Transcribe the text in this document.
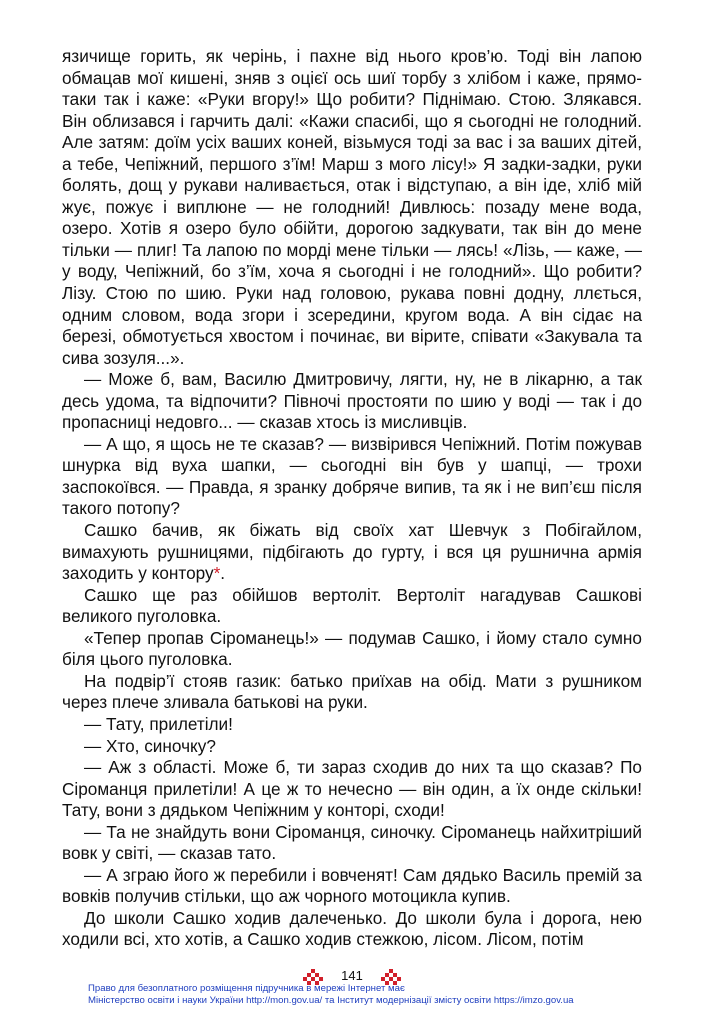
язичище горить, як черінь, і пахне від нього кров’ю. Тоді він лапою обмацав мої кишені, зняв з оцієї ось шиї торбу з хлібом і каже, прямо-таки так і каже: «Руки вгору!» Що робити? Піднімаю. Стою. Злякався. Він облизався і гарчить далі: «Кажи спасибі, що я сьогодні не голодний. Але затям: доїм усіх ваших коней, візьмуся тоді за вас і за ваших дітей, а тебе, Чепіжний, першого з’їм! Марш з мого лісу!» Я задки-задки, руки болять, дощ у рукави наливається, отак і відступаю, а він іде, хліб мій жує, пожує і виплюне — не голодний! Дивлюсь: позаду мене вода, озеро. Хотів я озеро було обійти, дорогою задкувати, так він до мене тільки — плиг! Та лапою по морді мене тільки — лясь! «Лізь, — каже, — у воду, Чепіжний, бо з’їм, хоча я сьогодні і не голодний». Що робити? Лізу. Стою по шию. Руки над головою, рукава повні додну, ллється, одним словом, вода згори і зсередини, кругом вода. А він сідає на березі, обмотується хвостом і починає, ви вірите, співати «Закувала та сива зозуля...».

— Може б, вам, Василю Дмитровичу, лягти, ну, не в лікарню, а так десь удома, та відпочити? Півночі простояти по шию у воді — так і до пропасниці недовго... — сказав хтось із мисливців.

— А що, я щось не те сказав? — визвірився Чепіжний. Потім пожував шнурка від вуха шапки, — сьогодні він був у шапці, — трохи заспокоївся. — Правда, я зранку добряче випив, та як і не вип’єш після такого потопу?

Сашко бачив, як біжать від своїх хат Шевчук з Побігайлом, вимахують рушницями, підбігають до гурту, і вся ця рушнична армія заходить у контору*.

Сашко ще раз обійшов вертоліт. Вертоліт нагадував Сашкові великого пуголовка.

«Тепер пропав Сіроманець!» — подумав Сашко, і йому стало сумно біля цього пуголовка.

На подвір’ї стояв газик: батько приїхав на обід. Мати з рушником через плече зливала батькові на руки.

— Тату, прилетіли!

— Хто, синочку?

— Аж з області. Може б, ти зараз сходив до них та що сказав? По Сіроманця прилетіли! А це ж то нечесно — він один, а їх онде скільки! Тату, вони з дядьком Чепіжним у конторі, сходи!

— Та не знайдуть вони Сіроманця, синочку. Сіроманець найхитріший вовк у світі, — сказав тато.

— А зграю його ж перебили і вовченят! Сам дядько Василь премій за вовків получив стільки, що аж чорного мотоцикла купив.

До школи Сашко ходив далеченько. До школи була і дорога, нею ходили всі, хто хотів, а Сашко ходив стежкою, лісом. Лісом, потім

141
Право для безоплатного розміщення підручника в мережі Інтернет має
Міністерство освіти і науки України http://mon.gov.ua/ та Інститут модернізації змісту освіти https://imzo.gov.ua
